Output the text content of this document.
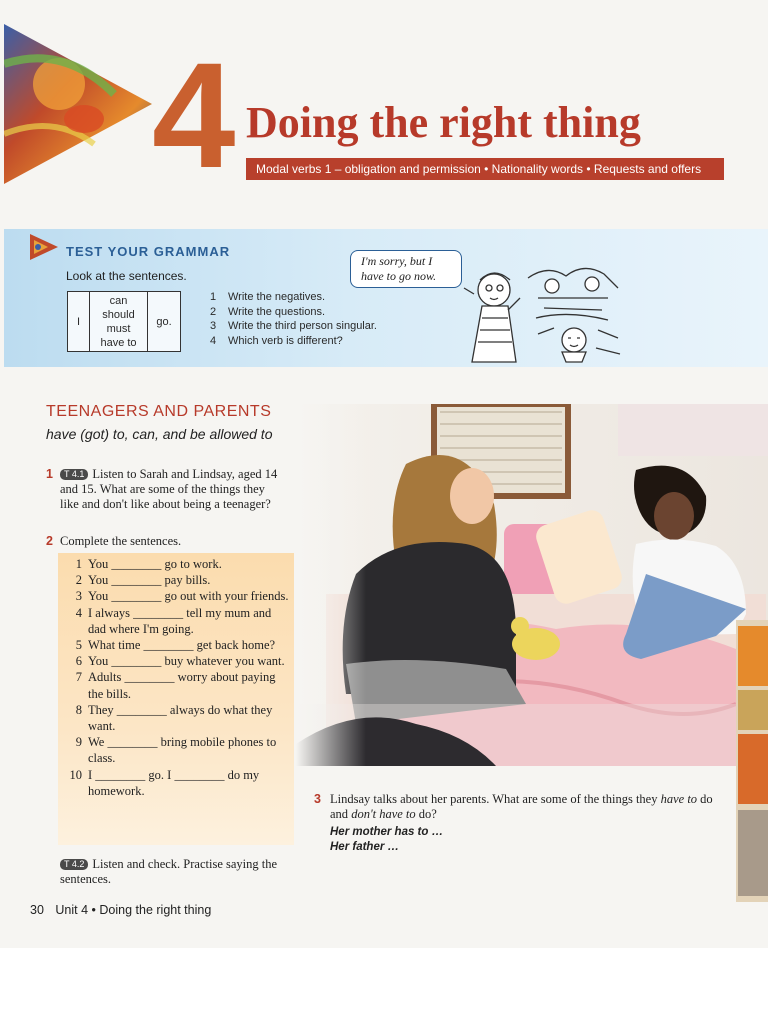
4 Doing the right thing
Modal verbs 1 – obligation and permission • Nationality words • Requests and offers
TEST YOUR GRAMMAR
Look at the sentences.
I
can
should
must
have to
go.
1 Write the negatives.
2 Write the questions.
3 Write the third person singular.
4 Which verb is different?
I'm sorry, but I have to go now.
TEENAGERS AND PARENTS
have (got) to, can, and be allowed to
1 T 4.1 Listen to Sarah and Lindsay, aged 14 and 15. What are some of the things they like and don't like about being a teenager?
2 Complete the sentences.
1 You ________ go to work.
2 You ________ pay bills.
3 You ________ go out with your friends.
4 I always ________ tell my mum and dad where I'm going.
5 What time ________ get back home?
6 You ________ buy whatever you want.
7 Adults ________ worry about paying the bills.
8 They ________ always do what they want.
9 We ________ bring mobile phones to class.
10 I ________ go. I ________ do my homework.
T 4.2 Listen and check. Practise saying the sentences.
3 Lindsay talks about her parents. What are some of the things they have to do and don't have to do?
Her mother has to …
Her father …
30 Unit 4 • Doing the right thing
